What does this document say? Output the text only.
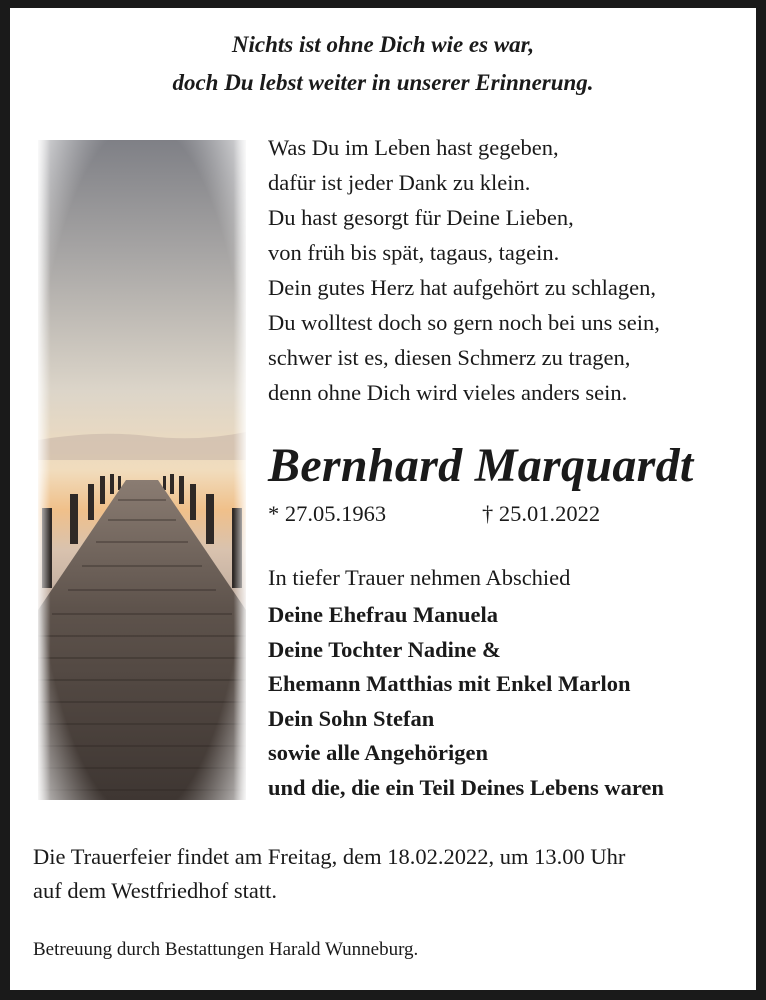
Nichts ist ohne Dich wie es war,
doch Du lebst weiter in unserer Erinnerung.
Was Du im Leben hast gegeben,
dafür ist jeder Dank zu klein.
Du hast gesorgt für Deine Lieben,
von früh bis spät, tagaus, tagein.
Dein gutes Herz hat aufgehört zu schlagen,
Du wolltest doch so gern noch bei uns sein,
schwer ist es, diesen Schmerz zu tragen,
denn ohne Dich wird vieles anders sein.
Bernhard Marquardt
* 27.05.1963	† 25.01.2022
In tiefer Trauer nehmen Abschied
Deine Ehefrau Manuela
Deine Tochter Nadine &
Ehemann Matthias mit Enkel Marlon
Dein Sohn Stefan
sowie alle Angehörigen
und die, die ein Teil Deines Lebens waren
Die Trauerfeier findet am Freitag, dem 18.02.2022, um 13.00 Uhr
auf dem Westfriedhof statt.
Betreuung durch Bestattungen Harald Wunneburg.
